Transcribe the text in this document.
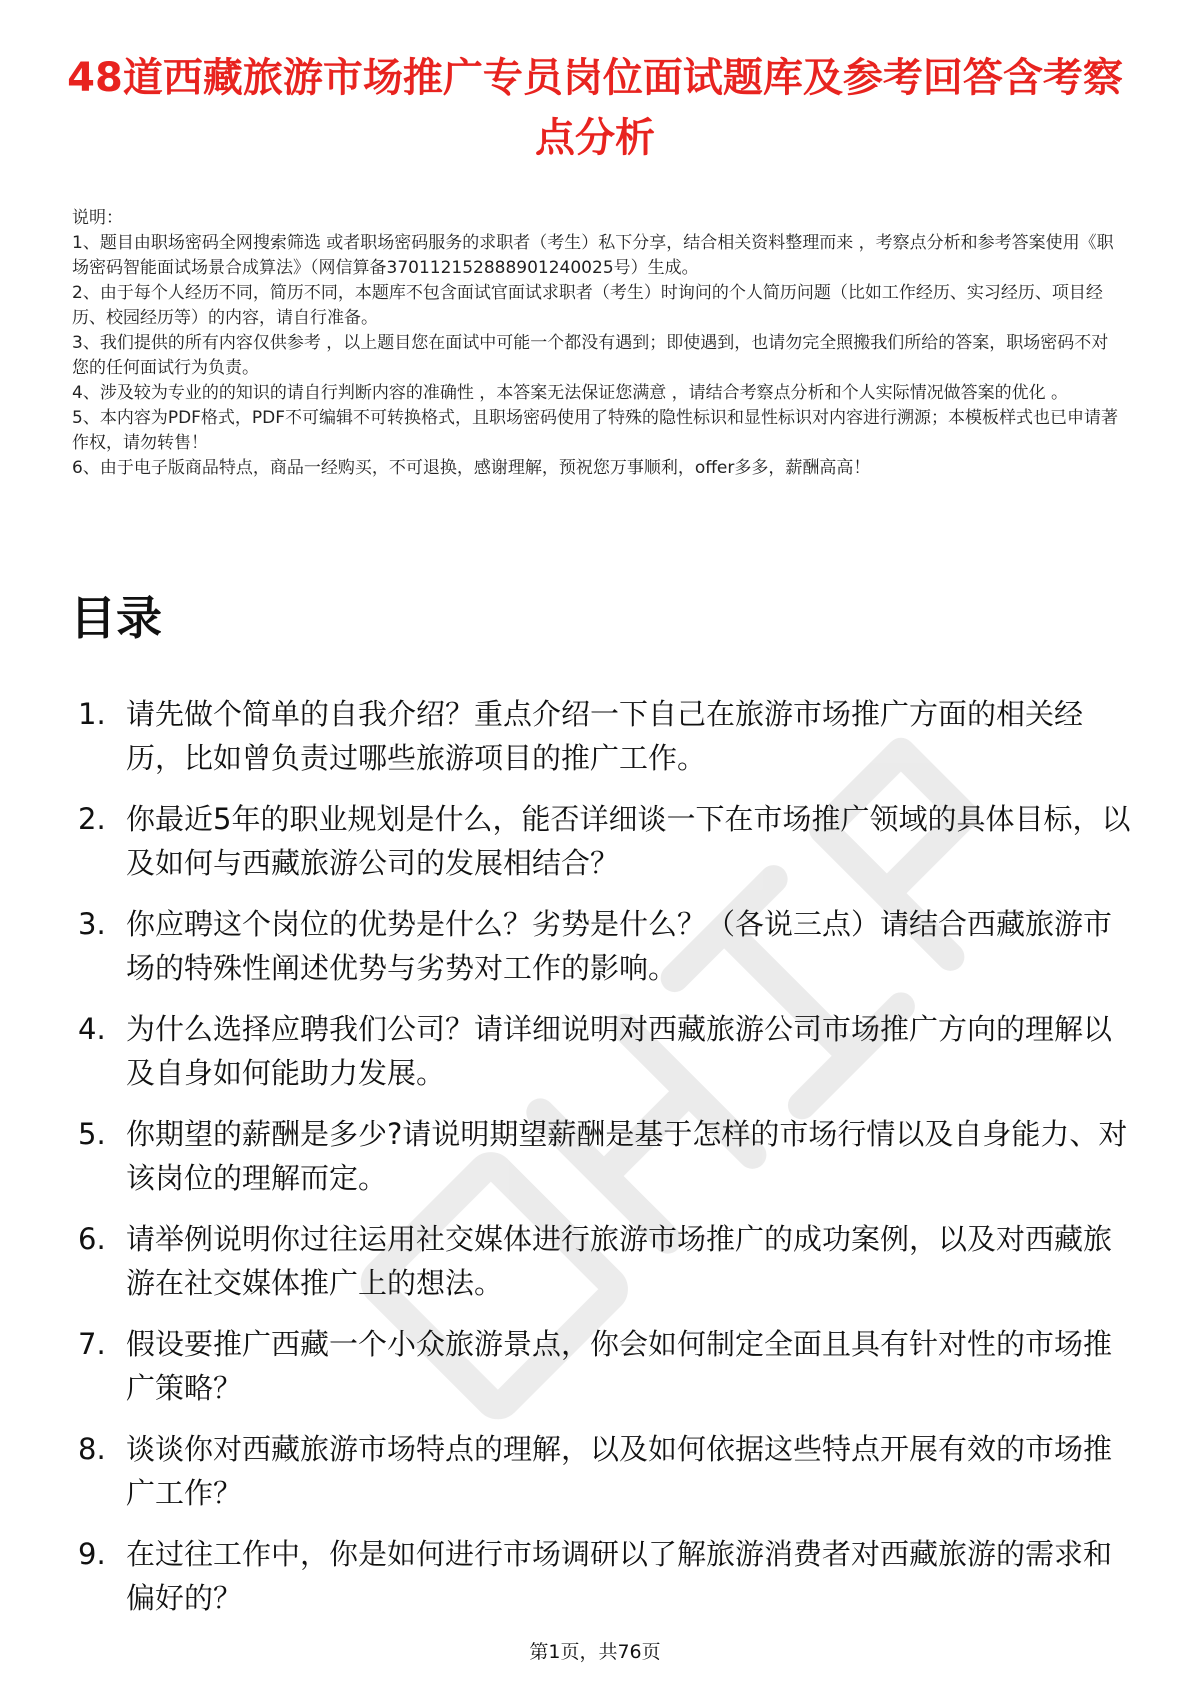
48道西藏旅游市场推广专员岗位面试题库及参考回答含考察点分析

说明：

1、题目由职场密码全网搜索筛选 或者职场密码服务的求职者（考生）私下分享，结合相关资料整理而来 ，考察点分析和参考答案使用《职场密码智能面试场景合成算法》（网信算备370112152888901240025号）生成。

2、由于每个人经历不同，简历不同，本题库不包含面试官面试求职者（考生）时询问的个人简历问题（比如工作经历、实习经历、项目经历、校园经历等）的内容，请自行准备。

3、我们提供的所有内容仅供参考 ，以上题目您在面试中可能一个都没有遇到；即使遇到，也请勿完全照搬我们所给的答案，职场密码不对您的任何面试行为负责。

4、涉及较为专业的的知识的请自行判断内容的准确性 ，本答案无法保证您满意 ，请结合考察点分析和个人实际情况做答案的优化 。

5、本内容为PDF格式，PDF不可编辑不可转换格式，且职场密码使用了特殊的隐性标识和显性标识对内容进行溯源；本模板样式也已申请著作权，请勿转售！

6、由于电子版商品特点，商品一经购买，不可退换，感谢理解，预祝您万事顺利，offer多多，薪酬高高！

目录
1. 请先做个简单的自我介绍？重点介绍一下自己在旅游市场推广方面的相关经历，比如曾负责过哪些旅游项目的推广工作。
2. 你最近5年的职业规划是什么，能否详细谈一下在市场推广领域的具体目标，以及如何与西藏旅游公司的发展相结合？
3. 你应聘这个岗位的优势是什么？劣势是什么？（各说三点）请结合西藏旅游市场的特殊性阐述优势与劣势对工作的影响。
4. 为什么选择应聘我们公司？请详细说明对西藏旅游公司市场推广方向的理解以及自身如何能助力发展。
5. 你期望的薪酬是多少?请说明期望薪酬是基于怎样的市场行情以及自身能力、对该岗位的理解而定。
6. 请举例说明你过往运用社交媒体进行旅游市场推广的成功案例，以及对西藏旅游在社交媒体推广上的想法。
7. 假设要推广西藏一个小众旅游景点，你会如何制定全面且具有针对性的市场推广策略？
8. 谈谈你对西藏旅游市场特点的理解，以及如何依据这些特点开展有效的市场推广工作？
9. 在过往工作中，你是如何进行市场调研以了解旅游消费者对西藏旅游的需求和偏好的？
第1页，共76页
